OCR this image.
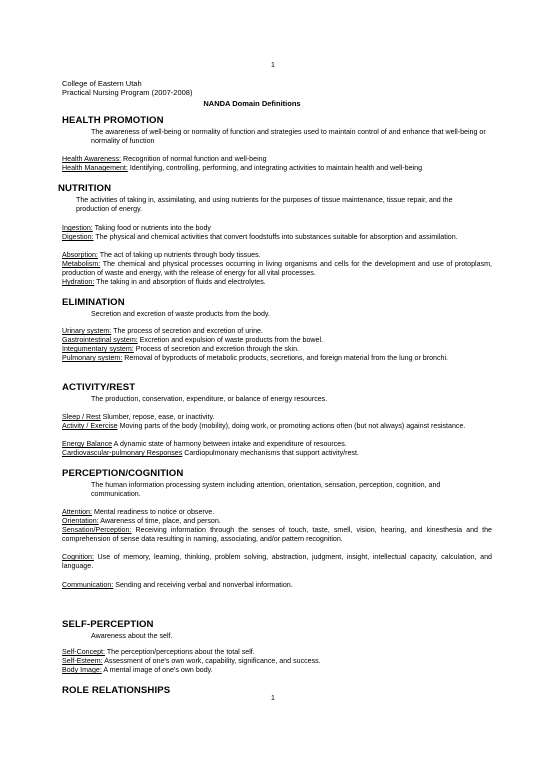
1
College of Eastern Utah
Practical Nursing Program (2007-2008)
NANDA Domain Definitions
HEALTH PROMOTION
The awareness of well-being or normality of function and strategies used to maintain control of and enhance that well-being or normality of function
Health Awareness: Recognition of normal function and well-being
Health Management: Identifying, controlling, performing, and integrating activities to maintain health and well-being
NUTRITION
The activities of taking in, assimilating, and using nutrients for the purposes of tissue maintenance, tissue repair, and the production of energy.
Ingestion: Taking food or nutrients into the body
Digestion: The physical and chemical activities that convert foodstuffs into substances suitable for absorption and assimilation.
Absorption: The act of taking up nutrients through body tissues.
Metabolism: The chemical and physical processes occurring in living organisms and cells for the development and use of protoplasm, production of waste and energy, with the release of energy for all vital processes.
Hydration: The taking in and absorption of fluids and electrolytes.
ELIMINATION
Secretion and excretion of waste products from the body.
Urinary system: The process of secretion and excretion of urine.
Gastrointestinal system: Excretion and expulsion of waste products from the bowel.
Integumentary system: Process of secretion and excretion through the skin.
Pulmonary system: Removal of byproducts of metabolic products, secretions, and foreign material from the lung or bronchi.
ACTIVITY/REST
The production, conservation, expenditure, or balance of energy resources.
Sleep / Rest Slumber, repose, ease, or inactivity.
Activity / Exercise Moving parts of the body (mobility), doing work, or promoting actions often (but not always) against resistance.
Energy Balance A dynamic state of harmony between intake and expenditure of resources.
Cardiovascular-pulmonary Responses Cardiopulmonary mechanisms that support activity/rest.
PERCEPTION/COGNITION
The human information processing system including attention, orientation, sensation, perception, cognition, and communication.
Attention: Mental readiness to notice or observe.
Orientation: Awareness of time, place, and person.
Sensation/Perception: Receiving information through the senses of touch, taste, smell, vision, hearing, and kinesthesia and the comprehension of sense data resulting in naming, associating, and/or pattern recognition.
Cognition: Use of memory, learning, thinking, problem solving, abstraction, judgment, insight, intellectual capacity, calculation, and language.
Communication: Sending and receiving verbal and nonverbal information.
SELF-PERCEPTION
Awareness about the self.
Self-Concept: The perception/perceptions about the total self.
Self-Esteem: Assessment of one's own work, capability, significance, and success.
Body Image: A mental image of one's own body.
ROLE RELATIONSHIPS
1
